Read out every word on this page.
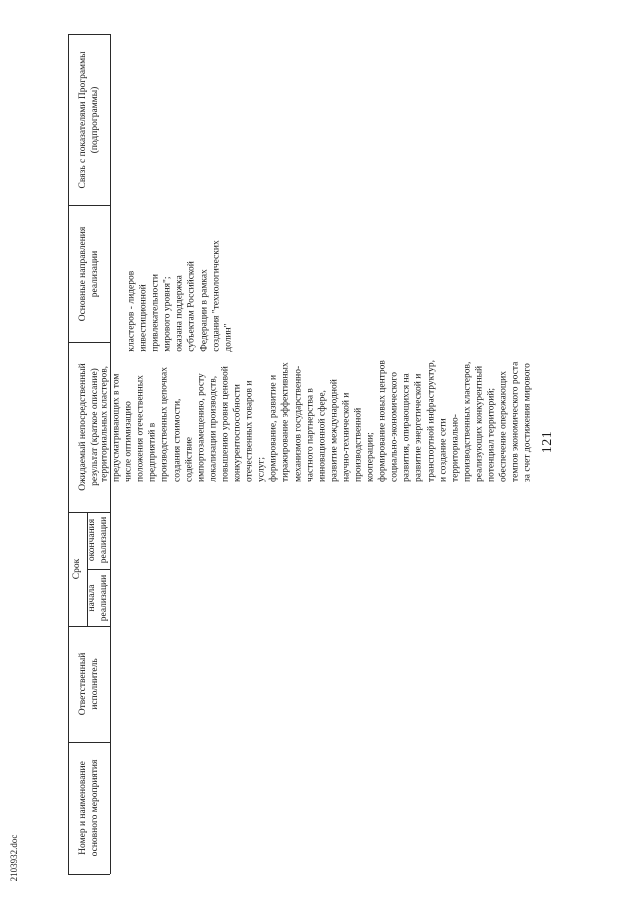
121
2103932.doc
Связь с показателями Программы
(подпрограммы)
Основные направления
реализации
Ожидаемый непосредственный
результат (краткое описание)
Срок
окончания
реализации
начала
реализации
Ответственный
исполнитель
Номер и наименование
основного мероприятия
кластеров - лидеров
инвестиционной
привлекательности
мирового уровня";
оказана поддержка
субъектам Российской
Федерации в рамках
создания "технологических
долин"
территориальных кластеров,
предусматривающих в том
числе оптимизацию
положения отечественных
предприятий в
производственных цепочках
создания стоимости,
содействие
импортозамещению, росту
локализации производств,
повышению уровня ценовой
конкурентоспособности
отечественных товаров и
услуг;
формирование, развитие и
тиражирование эффективных
механизмов государственно-
частного партнерства в
инновационной сфере,
развитие международной
научно-технической и
производственной
кооперации;
формирование новых центров
социально-экономического
развития, опирающихся на
развитие энергетической и
транспортной инфраструктур,
и создание сети
территориально-
производственных кластеров,
реализующих конкурентный
потенциал территорий;
обеспечение опережающих
темпов экономического роста
за счет достижения мирового
